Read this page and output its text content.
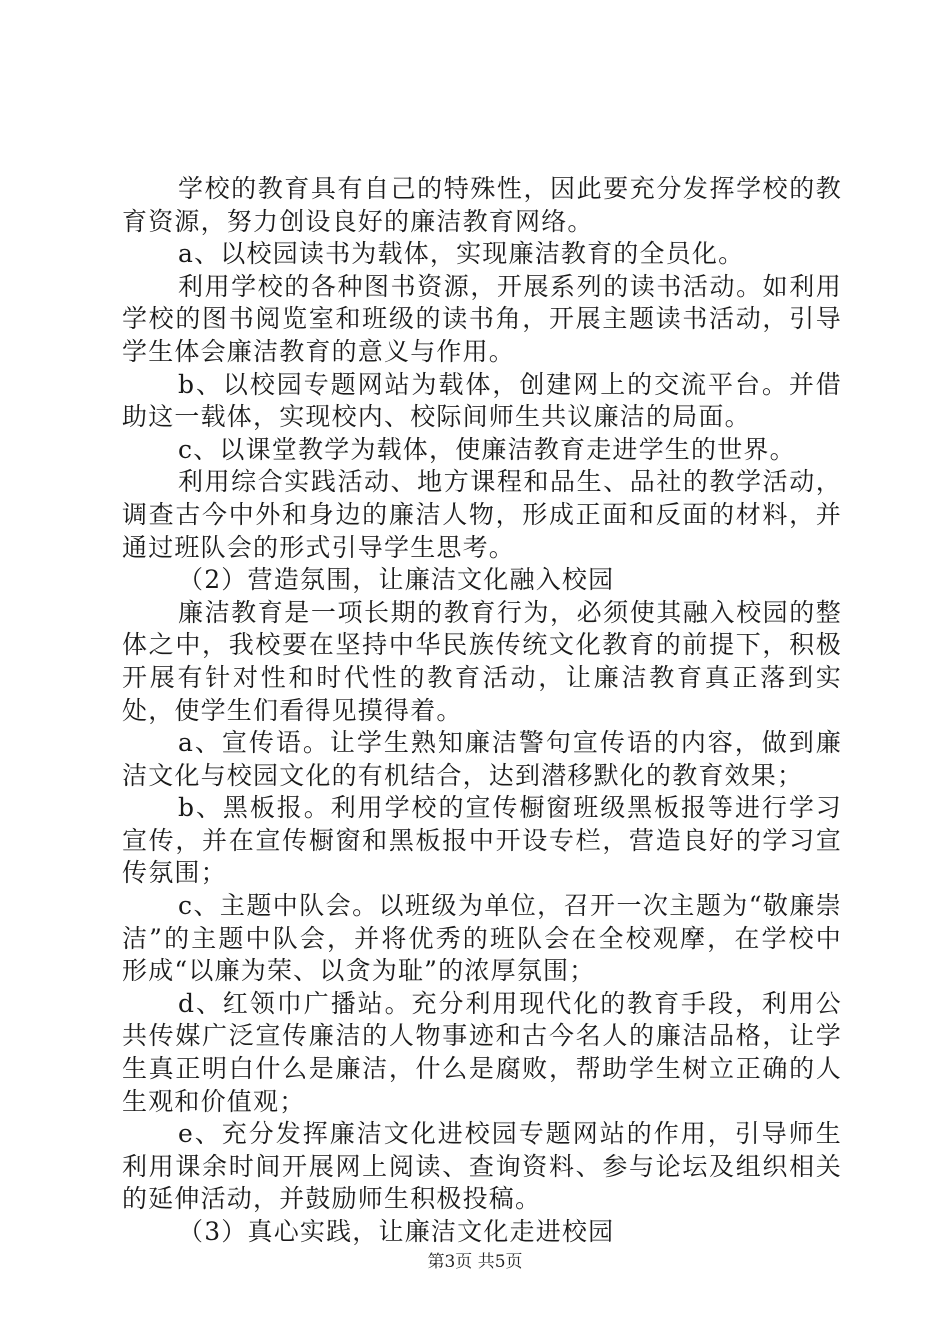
学校的教育具有自己的特殊性，因此要充分发挥学校的教育资源，努力创设良好的廉洁教育网络。

a、以校园读书为载体，实现廉洁教育的全员化。

利用学校的各种图书资源，开展系列的读书活动。如利用学校的图书阅览室和班级的读书角，开展主题读书活动，引导学生体会廉洁教育的意义与作用。

b、以校园专题网站为载体，创建网上的交流平台。并借助这一载体，实现校内、校际间师生共议廉洁的局面。

c、以课堂教学为载体，使廉洁教育走进学生的世界。

利用综合实践活动、地方课程和品生、品社的教学活动，调查古今中外和身边的廉洁人物，形成正面和反面的材料，并通过班队会的形式引导学生思考。

（2）营造氛围，让廉洁文化融入校园

廉洁教育是一项长期的教育行为，必须使其融入校园的整体之中，我校要在坚持中华民族传统文化教育的前提下，积极开展有针对性和时代性的教育活动，让廉洁教育真正落到实处，使学生们看得见摸得着。

a、宣传语。让学生熟知廉洁警句宣传语的内容，做到廉洁文化与校园文化的有机结合，达到潜移默化的教育效果；

b、黑板报。利用学校的宣传橱窗班级黑板报等进行学习宣传，并在宣传橱窗和黑板报中开设专栏，营造良好的学习宣传氛围；

c、主题中队会。以班级为单位，召开一次主题为“敬廉崇洁”的主题中队会，并将优秀的班队会在全校观摩，在学校中形成“以廉为荣、以贪为耻”的浓厚氛围；

d、红领巾广播站。充分利用现代化的教育手段，利用公共传媒广泛宣传廉洁的人物事迹和古今名人的廉洁品格，让学生真正明白什么是廉洁，什么是腐败，帮助学生树立正确的人生观和价值观；

e、充分发挥廉洁文化进校园专题网站的作用，引导师生利用课余时间开展网上阅读、查询资料、参与论坛及组织相关的延伸活动，并鼓励师生积极投稿。

（3）真心实践，让廉洁文化走进校园

第3页 共5页
